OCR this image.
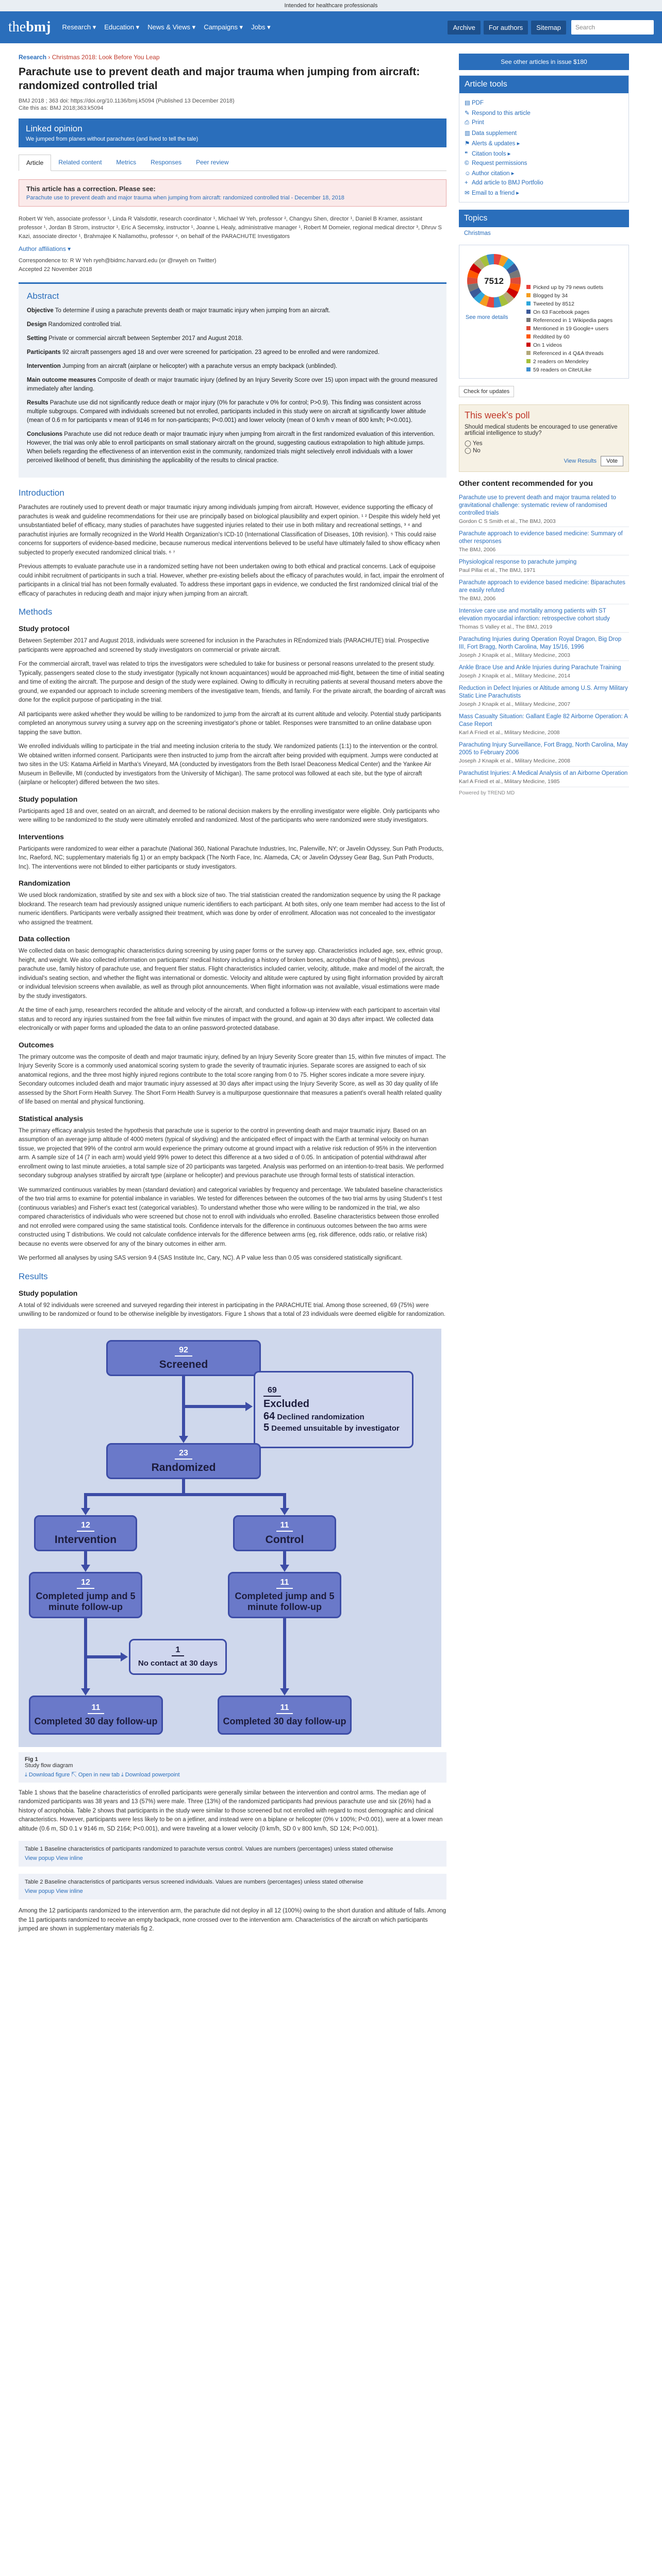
Intended for healthcare professionals
thebmj Research ▾ Education ▾ News & Views ▾ Campaigns ▾ Jobs ▾	Archive	For authors	Sitemap	Search
Research › Christmas 2018: Look Before You Leap
Parachute use to prevent death and major trauma when jumping from aircraft: randomized controlled trial
BMJ 2018 ; 363 doi: https://doi.org/10.1136/bmj.k5094 (Published 13 December 2018)
Cite this as: BMJ 2018;363:k5094
Linked opinion

We jumped from planes without parachutes (and lived to tell the tale)

Article	Related content	Metrics	Responses	Peer review
This article has a correction. Please see:

Parachute use to prevent death and major trauma when jumping from aircraft: randomized controlled trial - December 18, 2018

Robert W Yeh, associate professor ¹, Linda R Valsdottir, research coordinator ¹, Michael W Yeh, professor ², Changyu Shen, director ¹, Daniel B Kramer, assistant professor ¹, Jordan B Strom, instructor ¹, Eric A Secemsky, instructor ¹, Joanne L Healy, administrative manager ¹, Robert M Domeier, regional medical director ³, Dhruv S Kazi, associate director ¹, Brahmajee K Nallamothu, professor ⁴, on behalf of the PARACHUTE Investigators

Author affiliations ▾

Correspondence to: R W Yeh ryeh@bidmc.harvard.edu (or @rwyeh on Twitter)

Accepted 22 November 2018

Abstract

Objective To determine if using a parachute prevents death or major traumatic injury when jumping from an aircraft.

Design Randomized controlled trial.

Setting Private or commercial aircraft between September 2017 and August 2018.

Participants 92 aircraft passengers aged 18 and over were screened for participation. 23 agreed to be enrolled and were randomized.

Intervention Jumping from an aircraft (airplane or helicopter) with a parachute versus an empty backpack (unblinded).

Main outcome measures Composite of death or major traumatic injury (defined by an Injury Severity Score over 15) upon impact with the ground measured immediately after landing.

Results Parachute use did not significantly reduce death or major injury (0% for parachute v 0% for control; P>0.9). This finding was consistent across multiple subgroups. Compared with individuals screened but not enrolled, participants included in this study were on aircraft at significantly lower altitude (mean of 0.6 m for participants v mean of 9146 m for non-participants; P<0.001) and lower velocity (mean of 0 km/h v mean of 800 km/h; P<0.001).

Conclusions Parachute use did not reduce death or major traumatic injury when jumping from aircraft in the first randomized evaluation of this intervention. However, the trial was only able to enroll participants on small stationary aircraft on the ground, suggesting cautious extrapolation to high altitude jumps. When beliefs regarding the effectiveness of an intervention exist in the community, randomized trials might selectively enroll individuals with a lower perceived likelihood of benefit, thus diminishing the applicability of the results to clinical practice.

Introduction

Parachutes are routinely used to prevent death or major traumatic injury among individuals jumping from aircraft. However, evidence supporting the efficacy of parachutes is weak and guideline recommendations for their use are principally based on biological plausibility and expert opinion. ¹ ² Despite this widely held yet unsubstantiated belief of efficacy, many studies of parachutes have suggested injuries related to their use in both military and recreational settings, ³ ⁴ and parachutist injuries are formally recognized in the World Health Organization's ICD-10 (International Classification of Diseases, 10th revision). ⁵ This could raise concerns for supporters of evidence-based medicine, because numerous medical interventions believed to be useful have ultimately failed to show efficacy when subjected to properly executed randomized clinical trials. ⁶ ⁷

Previous attempts to evaluate parachute use in a randomized setting have not been undertaken owing to both ethical and practical concerns. Lack of equipoise could inhibit recruitment of participants in such a trial. However, whether pre-existing beliefs about the efficacy of parachutes would, in fact, impair the enrolment of participants in a clinical trial has not been formally evaluated. To address these important gaps in evidence, we conducted the first randomized clinical trial of the efficacy of parachutes in reducing death and major injury when jumping from an aircraft.

Methods
Study protocol

Between September 2017 and August 2018, individuals were screened for inclusion in the Parachutes in REndomized trials (PARACHUTE) trial. Prospective participants were approached and screened by study investigators on commercial or private aircraft.

For the commercial aircraft, travel was related to trips the investigators were scheduled to take for business or personal reasons unrelated to the present study. Typically, passengers seated close to the study investigator (typically not known acquaintances) would be approached mid-flight, between the time of initial seating and time of exiting the aircraft. The purpose and design of the study were explained. Owing to difficulty in recruiting patients at several thousand meters above the ground, we expanded our approach to include screening members of the investigative team, friends, and family. For the private aircraft, the boarding of aircraft was done for the explicit purpose of participating in the trial.

All participants were asked whether they would be willing to be randomized to jump from the aircraft at its current altitude and velocity. Potential study participants completed an anonymous survey using a survey app on the screening investigator's phone or tablet. Responses were transmitted to an online database upon tapping the save button.

We enrolled individuals willing to participate in the trial and meeting inclusion criteria to the study. We randomized patients (1:1) to the intervention or the control. We obtained written informed consent. Participants were then instructed to jump from the aircraft after being provided with equipment. Jumps were conducted at two sites in the US: Katama Airfield in Martha's Vineyard, MA (conducted by investigators from the Beth Israel Deaconess Medical Center) and the Yankee Air Museum in Belleville, MI (conducted by investigators from the University of Michigan). The same protocol was followed at each site, but the type of aircraft (airplane or helicopter) differed between the two sites.

Study population

Participants aged 18 and over, seated on an aircraft, and deemed to be rational decision makers by the enrolling investigator were eligible. Only participants who were willing to be randomized to the study were ultimately enrolled and randomized. Most of the participants who were randomized were study investigators.

Interventions

Participants were randomized to wear either a parachute (National 360, National Parachute Industries, Inc, Palenville, NY; or Javelin Odyssey, Sun Path Products, Inc, Raeford, NC; supplementary materials fig 1) or an empty backpack (The North Face, Inc. Alameda, CA; or Javelin Odyssey Gear Bag, Sun Path Products, Inc). The interventions were not blinded to either participants or study investigators.

Randomization

We used block randomization, stratified by site and sex with a block size of two. The trial statistician created the randomization sequence by using the R package blockrand. The research team had previously assigned unique numeric identifiers to each participant. At both sites, only one team member had access to the list of numeric identifiers. Participants were verbally assigned their treatment, which was done by order of enrollment. Allocation was not concealed to the investigator who assigned the treatment.

Data collection

We collected data on basic demographic characteristics during screening by using paper forms or the survey app. Characteristics included age, sex, ethnic group, height, and weight. We also collected information on participants' medical history including a history of broken bones, acrophobia (fear of heights), previous parachute use, family history of parachute use, and frequent flier status. Flight characteristics included carrier, velocity, altitude, make and model of the aircraft, the individual's seating section, and whether the flight was international or domestic. Velocity and altitude were captured by using flight information provided by aircraft or individual television screens when available, as well as through pilot announcements. When flight information was not available, visual estimations were made by the study investigators.

At the time of each jump, researchers recorded the altitude and velocity of the aircraft, and conducted a follow-up interview with each participant to ascertain vital status and to record any injuries sustained from the free fall within five minutes of impact with the ground, and again at 30 days after impact. We collected data electronically or with paper forms and uploaded the data to an online password-protected database.

Outcomes

The primary outcome was the composite of death and major traumatic injury, defined by an Injury Severity Score greater than 15, within five minutes of impact. The Injury Severity Score is a commonly used anatomical scoring system to grade the severity of traumatic injuries. Separate scores are assigned to each of six anatomical regions, and the three most highly injured regions contribute to the total score ranging from 0 to 75. Higher scores indicate a more severe injury. Secondary outcomes included death and major traumatic injury assessed at 30 days after impact using the Injury Severity Score, as well as 30 day quality of life assessed by the Short Form Health Survey. The Short Form Health Survey is a multipurpose questionnaire that measures a patient's overall health related quality of life based on mental and physical functioning.

Statistical analysis

The primary efficacy analysis tested the hypothesis that parachute use is superior to the control in preventing death and major traumatic injury. Based on an assumption of an average jump altitude of 4000 meters (typical of skydiving) and the anticipated effect of impact with the Earth at terminal velocity on human tissue, we projected that 99% of the control arm would experience the primary outcome at ground impact with a relative risk reduction of 95% in the intervention arm. A sample size of 14 (7 in each arm) would yield 99% power to detect this difference at a two sided α of 0.05. In anticipation of potential withdrawal after enrollment owing to last minute anxieties, a total sample size of 20 participants was targeted. Analysis was performed on an intention-to-treat basis. We performed secondary subgroup analyses stratified by aircraft type (airplane or helicopter) and previous parachute use through formal tests of statistical interaction.

We summarized continuous variables by mean (standard deviation) and categorical variables by frequency and percentage. We tabulated baseline characteristics of the two trial arms to examine for potential imbalance in variables. We tested for differences between the outcomes of the two trial arms by using Student's t test (continuous variables) and Fisher's exact test (categorical variables). To understand whether those who were willing to be randomized in the trial, we also compared characteristics of individuals who were screened but chose not to enroll with individuals who enrolled. Baseline characteristics between those enrolled and not enrolled were compared using the same statistical tools. Confidence intervals for the difference in continuous outcomes between the two arms were constructed using T distributions. We could not calculate confidence intervals for the difference between arms (eg, risk difference, odds ratio, or relative risk) because no events were observed for any of the binary outcomes in either arm.

We performed all analyses by using SAS version 9.4 (SAS Institute Inc, Cary, NC). A P value less than 0.05 was considered statistically significant.

Results
Study population

A total of 92 individuals were screened and surveyed regarding their interest in participating in the PARACHUTE trial. Among those screened, 69 (75%) were unwilling to be randomized or found to be otherwise ineligible by investigators. Figure 1 shows that a total of 23 individuals were deemed eligible for randomization.

92
Screened
69
Excluded
64 Declined randomization
5 Deemed unsuitable by investigator
23
Randomized
12
Intervention
11
Control
12
Completed jump and 5 minute follow-up
11
Completed jump and 5 minute follow-up
1
No contact at 30 days
11
Completed 30 day follow-up
11
Completed 30 day follow-up
Fig 1
Study flow diagram
⤓ Download figure ⇱ Open in new tab ⤓ Download powerpoint

Table 1 shows that the baseline characteristics of enrolled participants were generally similar between the intervention and control arms. The median age of randomized participants was 38 years and 13 (57%) were male. Three (13%) of the randomized participants had previous parachute use and six (26%) had a history of acrophobia. Table 2 shows that participants in the study were similar to those screened but not enrolled with regard to most demographic and clinical characteristics. However, participants were less likely to be on a jetliner, and instead were on a biplane or helicopter (0% v 100%; P<0.001), were at a lower mean altitude (0.6 m, SD 0.1 v 9146 m, SD 2164; P<0.001), and were traveling at a lower velocity (0 km/h, SD 0 v 800 km/h, SD 124; P<0.001).

Table 1 Baseline characteristics of participants randomized to parachute versus control. Values are numbers (percentages) unless stated otherwise
View popup View inline
Table 2 Baseline characteristics of participants versus screened individuals. Values are numbers (percentages) unless stated otherwise
View popup View inline

Among the 12 participants randomized to the intervention arm, the parachute did not deploy in all 12 (100%) owing to the short duration and altitude of falls. Among the 11 participants randomized to receive an empty backpack, none crossed over to the intervention arm. Characteristics of the aircraft on which participants jumped are shown in supplementary materials fig 2.

See other articles in issue $180
Article tools
▤ PDF
✎ Respond to this article
⎙ Print
▥ Data supplement
⚑ Alerts & updates ▸
❝ Citation tools ▸
© Request permissions
☺ Author citation ▸
+ Add article to BMJ Portfolio
✉ Email to a friend ▸
Topics
Christmas
7512
See more details
Picked up by 79 news outlets
Blogged by 34
Tweeted by 8512
On 63 Facebook pages
Referenced in 1 Wikipedia pages
Mentioned in 19 Google+ users
Reddited by 60
On 1 videos
Referenced in 4 Q&A threads
2 readers on Mendeley
59 readers on CiteULike
Check for updates
This week's poll

Should medical students be encouraged to use generative artificial intelligence to study?

◯ Yes
◯ No
Vote
View Results
Other content recommended for you
Parachute use to prevent death and major trauma related to gravitational challenge: systematic review of randomised controlled trials
Gordon C S Smith et al., The BMJ, 2003
Parachute approach to evidence based medicine: Summary of other responses
The BMJ, 2006
Physiological response to parachute jumping
Paul Pillai et al., The BMJ, 1971
Parachute approach to evidence based medicine: Biparachutes are easily refuted
The BMJ, 2006
Intensive care use and mortality among patients with ST elevation myocardial infarction: retrospective cohort study
Thomas S Valley et al., The BMJ, 2019
Parachuting Injuries during Operation Royal Dragon, Big Drop III, Fort Bragg, North Carolina, May 15/16, 1996
Joseph J Knapik et al., Military Medicine, 2003
Ankle Brace Use and Ankle Injuries during Parachute Training
Joseph J Knapik et al., Military Medicine, 2014
Reduction in Defect Injuries or Altitude among U.S. Army Military Static Line Parachutists
Joseph J Knapik et al., Military Medicine, 2007
Mass Casualty Situation: Gallant Eagle 82 Airborne Operation: A Case Report
Karl A Friedl et al., Military Medicine, 2008
Parachuting Injury Surveillance, Fort Bragg, North Carolina, May 2005 to February 2006
Joseph J Knapik et al., Military Medicine, 2008
Parachutist Injuries: A Medical Analysis of an Airborne Operation
Karl A Friedl et al., Military Medicine, 1985
Powered by TREND MD
